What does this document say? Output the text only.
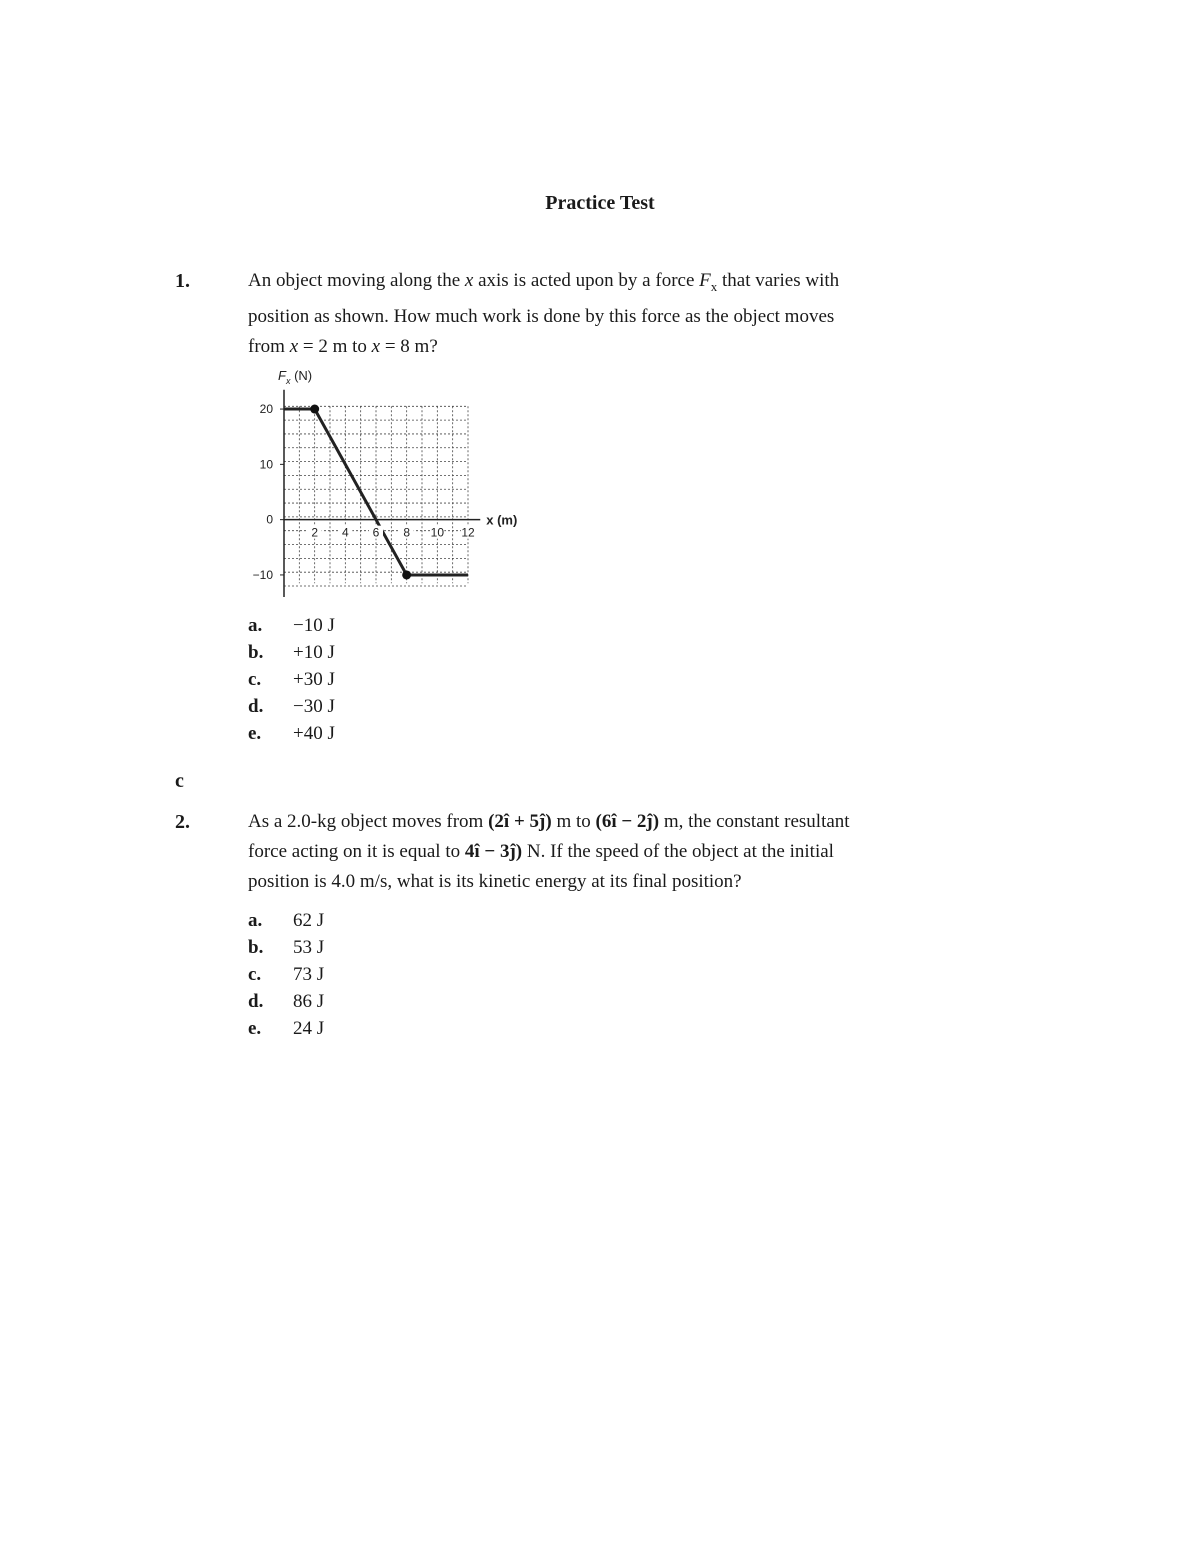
Practice Test
1.	An object moving along the x axis is acted upon by a force $F_x$ that varies with

position as shown. How much work is done by this force as the object moves

from x = 2 m to x = 8 m?

20
10
0
−10
2 4 6 8 10 12
x (m)
$F_x$ (N)
a.	−10 J
b.	+10 J
c.	+30 J
d.	−30 J
e.	+40 J
c
2.	As a 2.0-kg object moves from (2î + 5ĵ) m to (6î − 2ĵ) m, the constant resultant

force acting on it is equal to 4î − 3ĵ) N. If the speed of the object at the initial

position is 4.0 m/s, what is its kinetic energy at its final position?

a.	62 J
b.	53 J
c.	73 J
d.	86 J
e.	24 J
